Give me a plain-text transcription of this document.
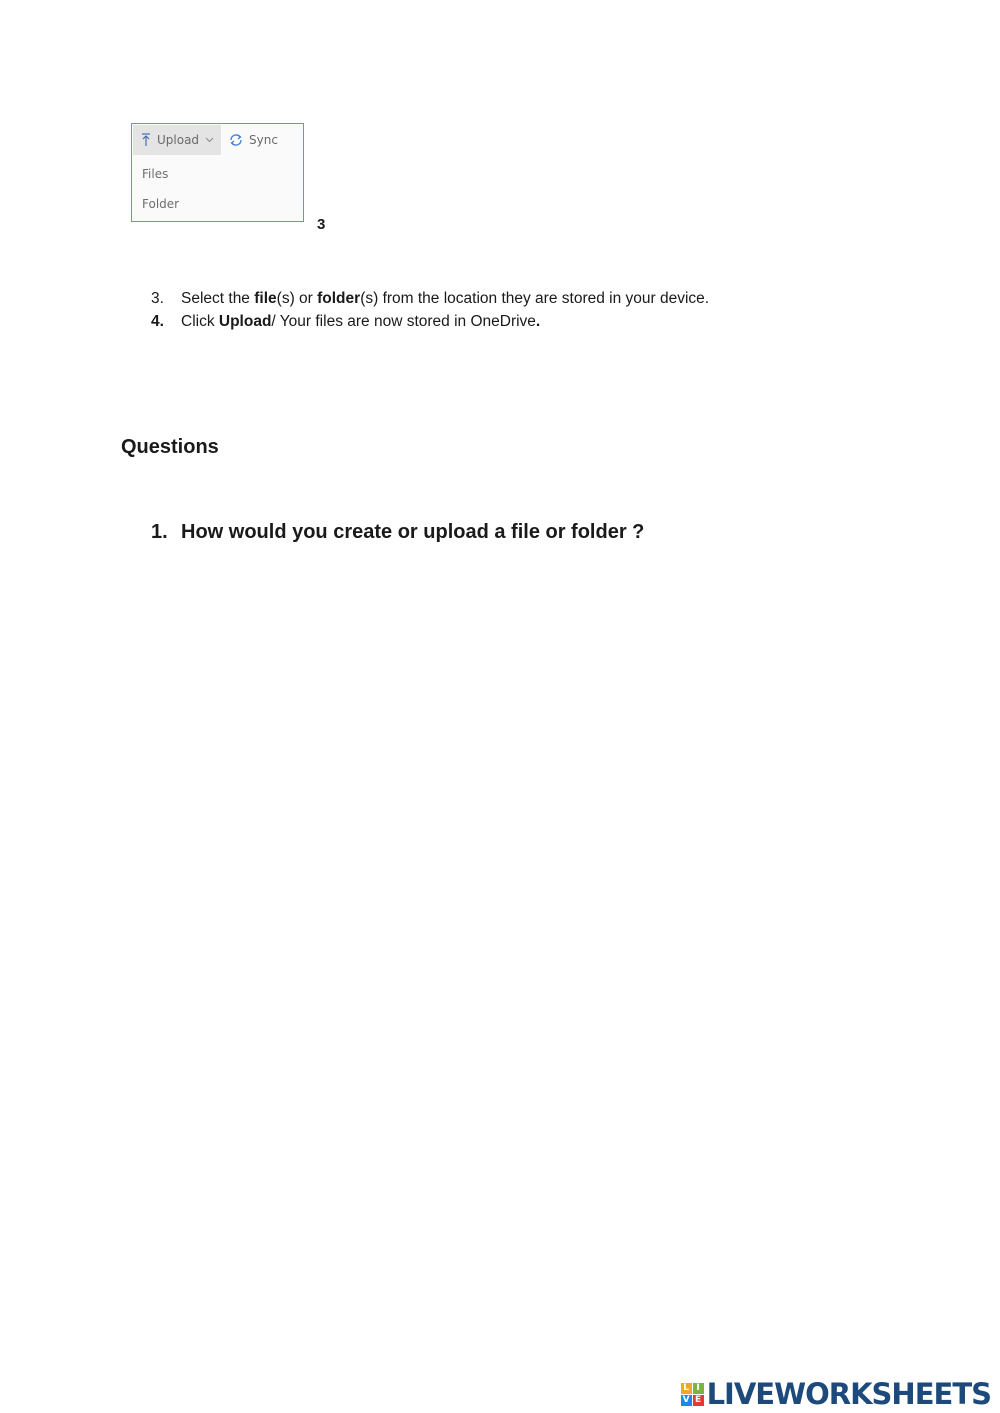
Upload	Sync
Files
Folder
3
3.	Select the file(s) or folder(s) from the location they are stored in your device.
4.	Click Upload/ Your files are now stored in OneDrive.
Questions
1. How would you create or upload a file or folder ?
L I
V E LIVEWORKSHEETS
